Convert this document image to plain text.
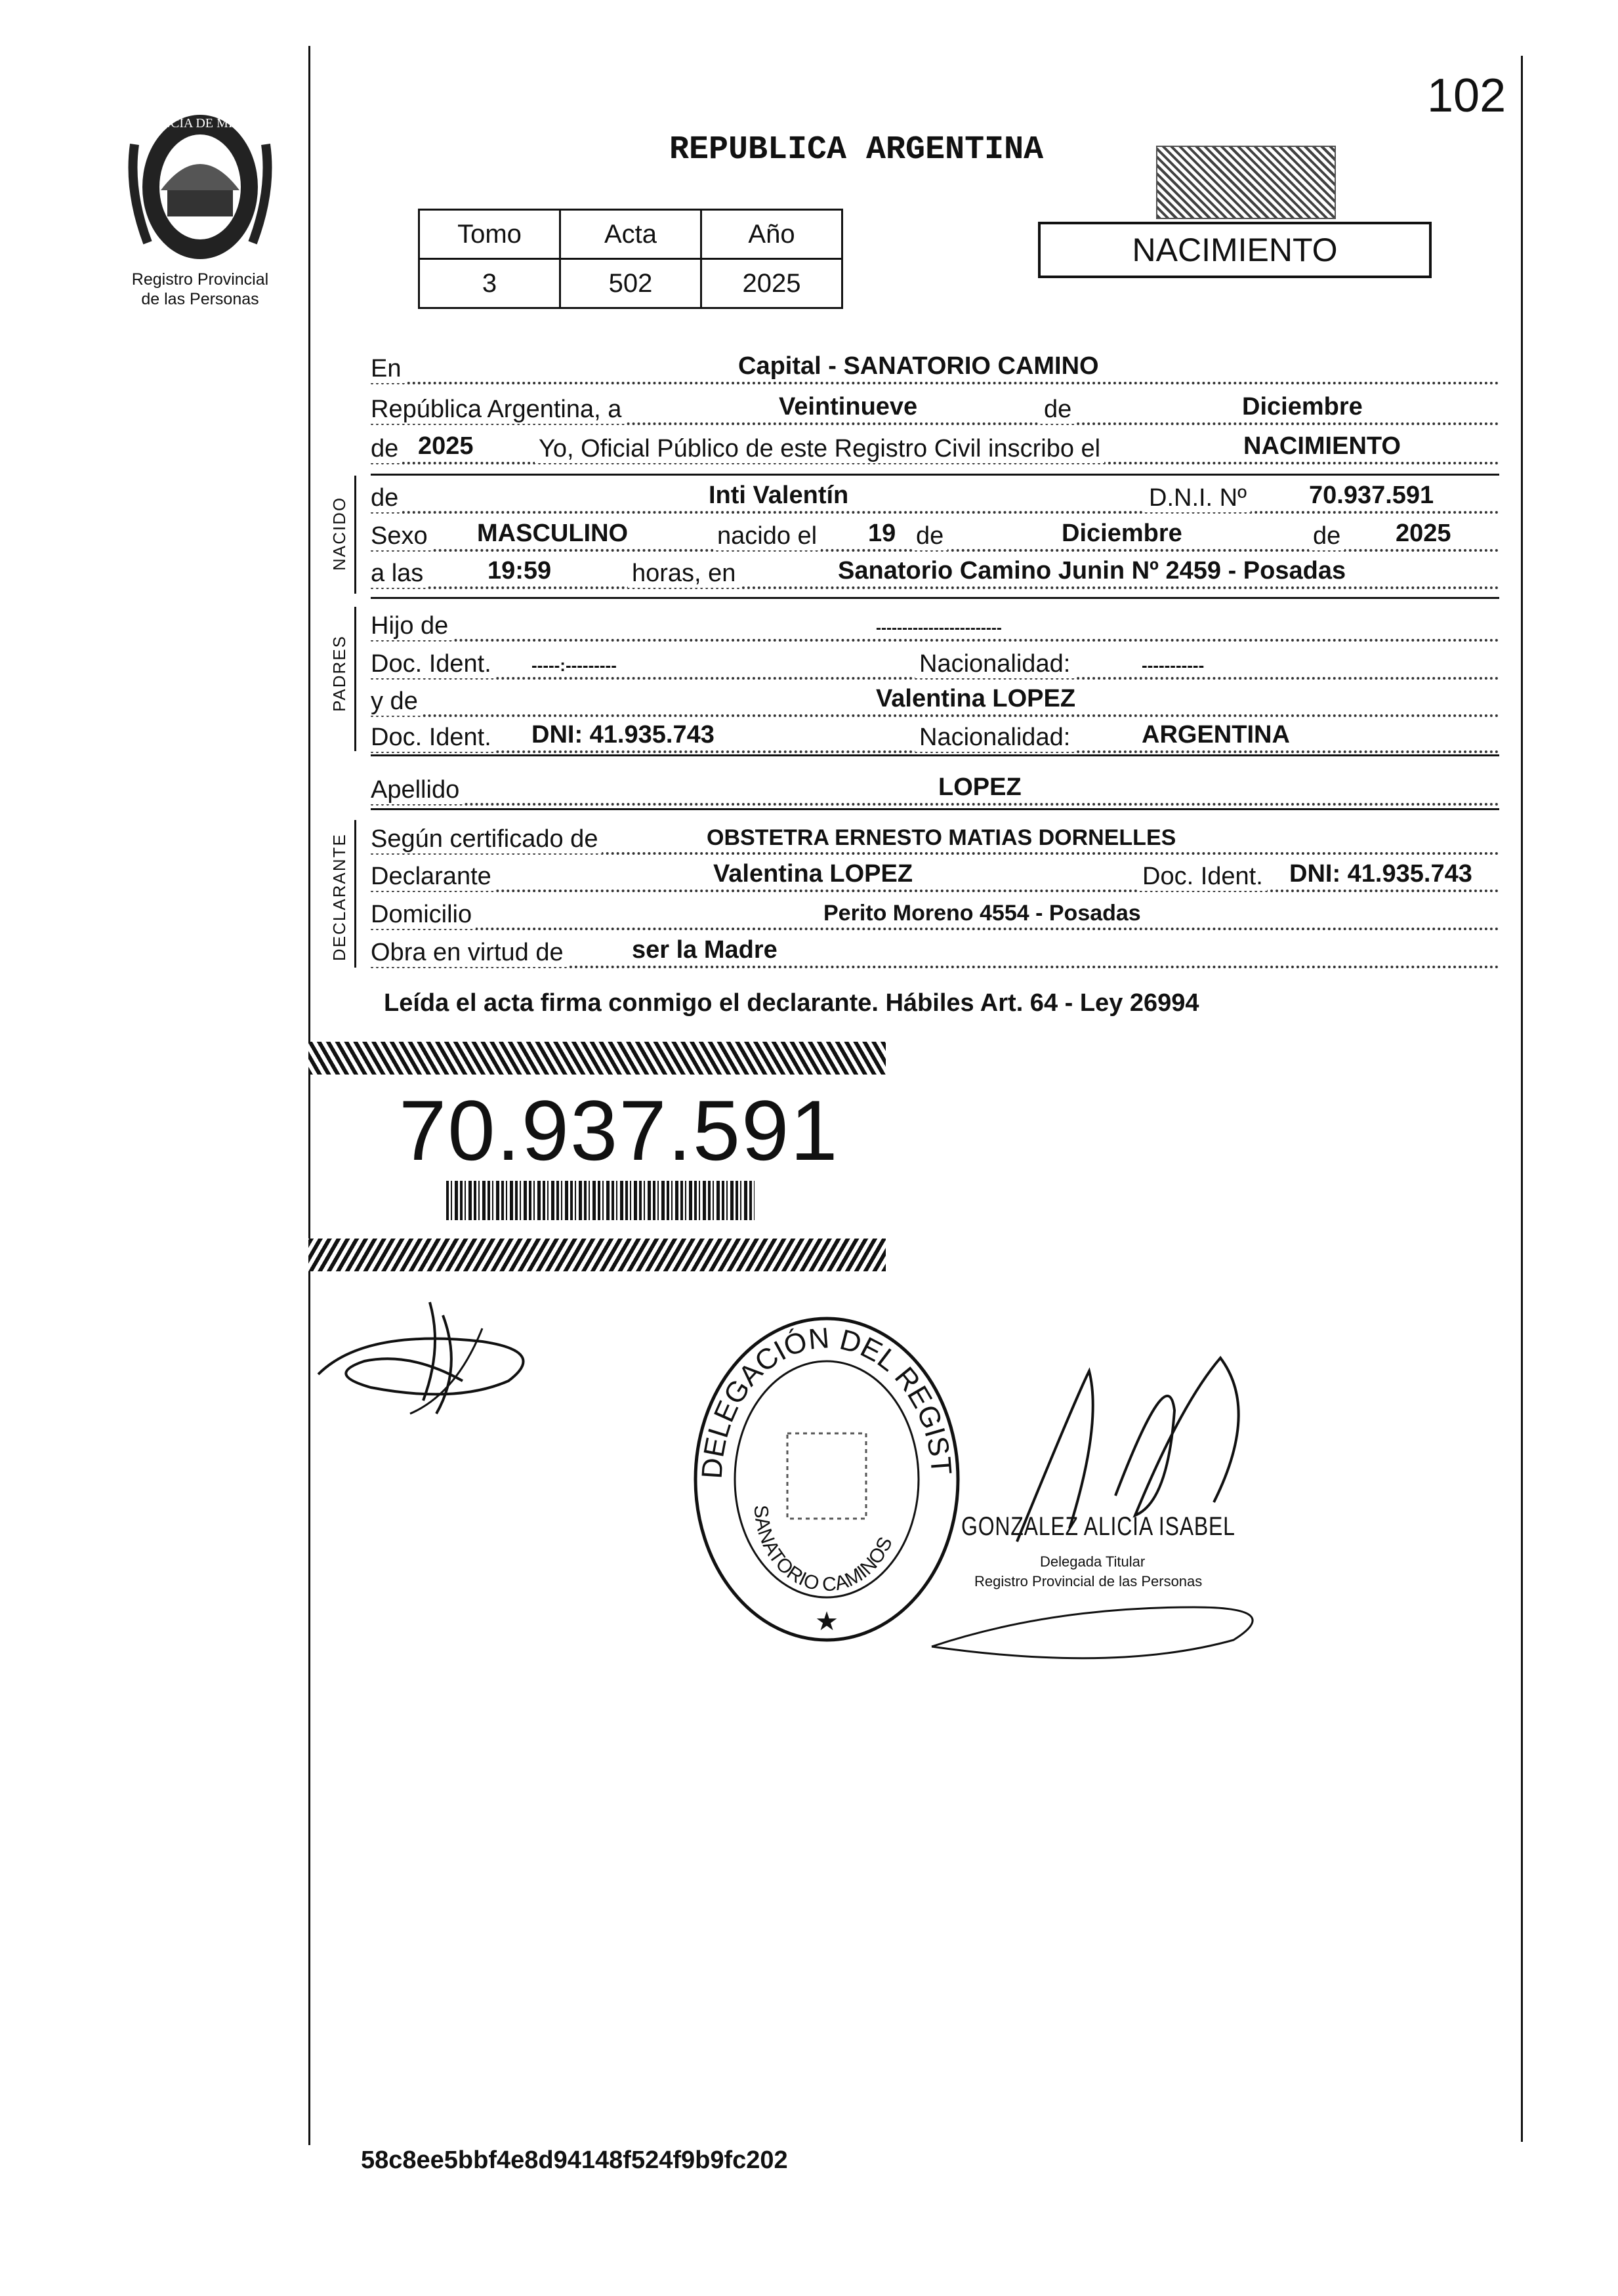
102
PROVINCIA DE MISIONES
Registro Provincial
de las Personas
REPUBLICA ARGENTINA
NACIMIENTO
Tomo	Acta	Año
3	502	2025
NACIDO
PADRES
DECLARANTE
En	Capital - SANATORIO CAMINO
República Argentina, a	Veintinueve	de	Diciembre
de 2025	Yo, Oficial Público de este Registro Civil inscribo el	NACIMIENTO
de	Inti Valentín	D.N.I. Nº	70.937.591
Sexo MASCULINO	nacido el 19 de	Diciembre	de 2025
a las	19:59	horas, en	Sanatorio Camino Junin Nº 2459 - Posadas
Hijo de	------------------------
Doc. Ident. -----:---------	Nacionalidad:	-----------
y de	Valentina LOPEZ
Doc. Ident. DNI: 41.935.743	Nacionalidad:	ARGENTINA
Apellido	LOPEZ
Según certificado de	OBSTETRA ERNESTO MATIAS DORNELLES
Declarante	Valentina LOPEZ	Doc. Ident. DNI: 41.935.743
Domicilio	Perito Moreno 4554 - Posadas
Obra en virtud de	ser la Madre
Leída el acta firma conmigo el declarante. Hábiles Art. 64 - Ley 26994
70.937.591
DELEGACIÓN DEL REGIST
SANATORIO CAMINOS
★
GONZALEZ ALICIA ISABEL
Delegada Titular
Registro Provincial de las Personas
58c8ee5bbf4e8d94148f524f9b9fc202
